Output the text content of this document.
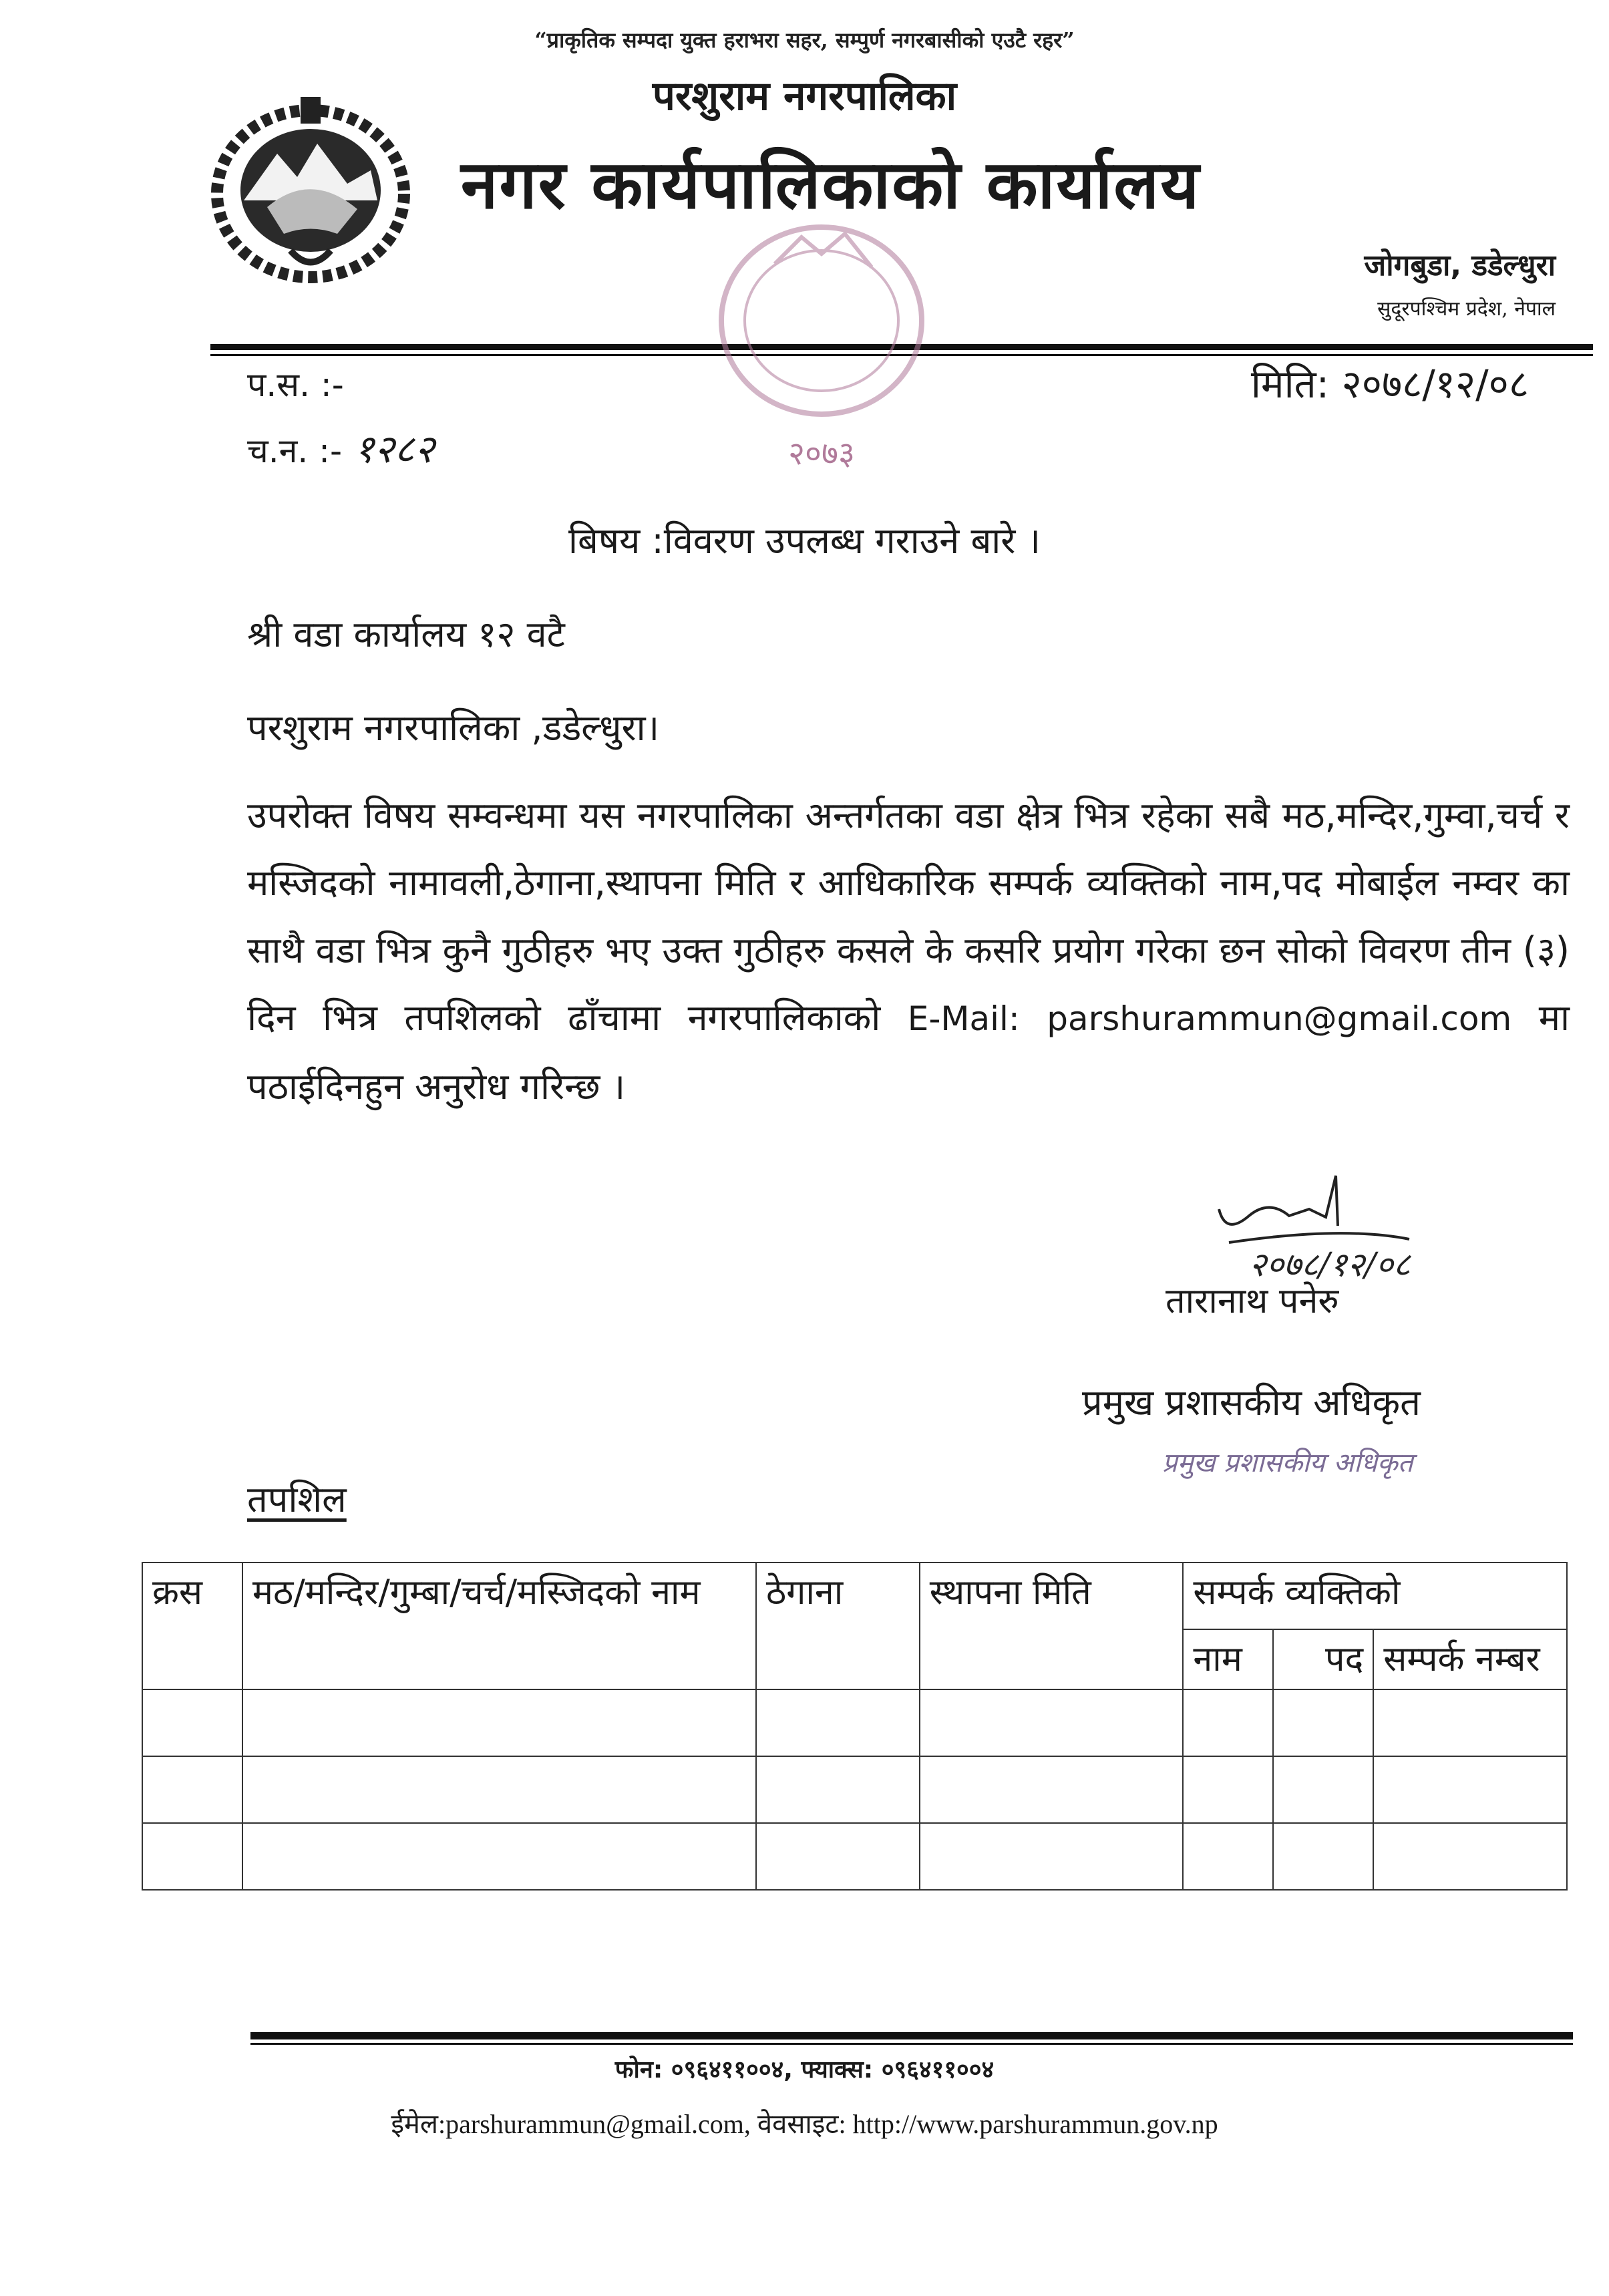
“प्राकृतिक सम्पदा युक्त हराभरा सहर, सम्पुर्ण नगरबासीको एउटै रहर”
परशुराम नगरपालिका
नगर कार्यपालिकाको कार्यालय
जोगबुडा, डडेल्धुरा
सुदूरपश्चिम प्रदेश, नेपाल
२०७३
प.स. :-
च.न. :- १२८२
मिति: २०७८/१२/०८
बिषय :विवरण उपलब्ध गराउने बारे ।
श्री वडा कार्यालय १२ वटै
परशुराम नगरपालिका ,डडेल्धुरा।
उपरोक्त विषय सम्वन्धमा यस नगरपालिका अन्तर्गतका वडा क्षेत्र भित्र रहेका सबै मठ,मन्दिर,गुम्वा,चर्च र मस्जिदको नामावली,ठेगाना,स्थापना मिति र आधिकारिक सम्पर्क व्यक्तिको नाम,पद मोबाईल नम्वर का साथै वडा भित्र कुनै गुठीहरु भए उक्त गुठीहरु कसले के कसरि प्रयोग गरेका छन सोको विवरण तीन (३) दिन भित्र तपशिलको ढाँचामा नगरपालिकाको E-Mail: parshurammun@gmail.com मा पठाईदिनहुन अनुरोध गरिन्छ ।
२०७८/१२/०८
तारानाथ पनेरु
प्रमुख प्रशासकीय अधिकृत
प्रमुख प्रशासकीय अधिकृत
तपशिल
क्रस	मठ/मन्दिर/गुम्बा/चर्च/मस्जिदको नाम	ठेगाना	स्थापना मिति	सम्पर्क व्यक्तिको		
				नाम	पद	सम्पर्क नम्बर

फोन: ०९६४११००४, फ्याक्स: ०९६४११००४
ईमेल:parshurammun@gmail.com, वेवसाइट: http://www.parshurammun.gov.np
